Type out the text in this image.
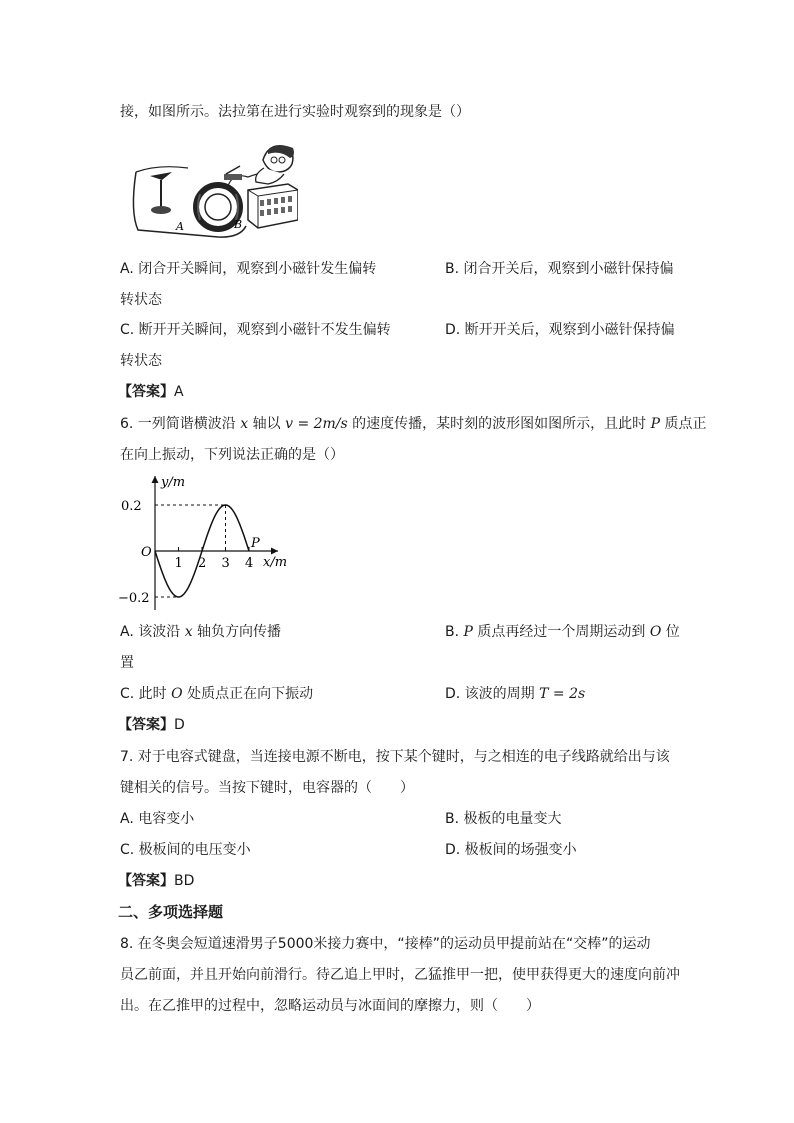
接，如图所示。法拉第在进行实验时观察到的现象是（）
A	B
A. 闭合开关瞬间，观察到小磁针发生偏转	B. 闭合开关后，观察到小磁针保持偏
转状态
C. 断开开关瞬间，观察到小磁针不发生偏转	D. 断开开关后，观察到小磁针保持偏
转状态
【答案】A
6. 一列简谐横波沿 x 轴以 v = 2m/s 的速度传播，某时刻的波形图如图所示，且此时 P 质点正
在向上振动，下列说法正确的是（）
y/m
x/m
O
0.2
−0.2
1 2 3 4
P
A. 该波沿 x 轴负方向传播	B. P 质点再经过一个周期运动到 O 位
置
C. 此时 O 处质点正在向下振动	D. 该波的周期 T = 2s
【答案】D
7. 对于电容式键盘，当连接电源不断电，按下某个键时，与之相连的电子线路就给出与该
键相关的信号。当按下键时，电容器的（　　）
A. 电容变小	B. 极板的电量变大
C. 极板间的电压变小	D. 极板间的场强变小
【答案】BD
二、多项选择题
8. 在冬奥会短道速滑男子5000米接力赛中，“接棒”的运动员甲提前站在“交棒”的运动
员乙前面，并且开始向前滑行。待乙追上甲时，乙猛推甲一把，使甲获得更大的速度向前冲
出。在乙推甲的过程中，忽略运动员与冰面间的摩擦力，则（　　）
